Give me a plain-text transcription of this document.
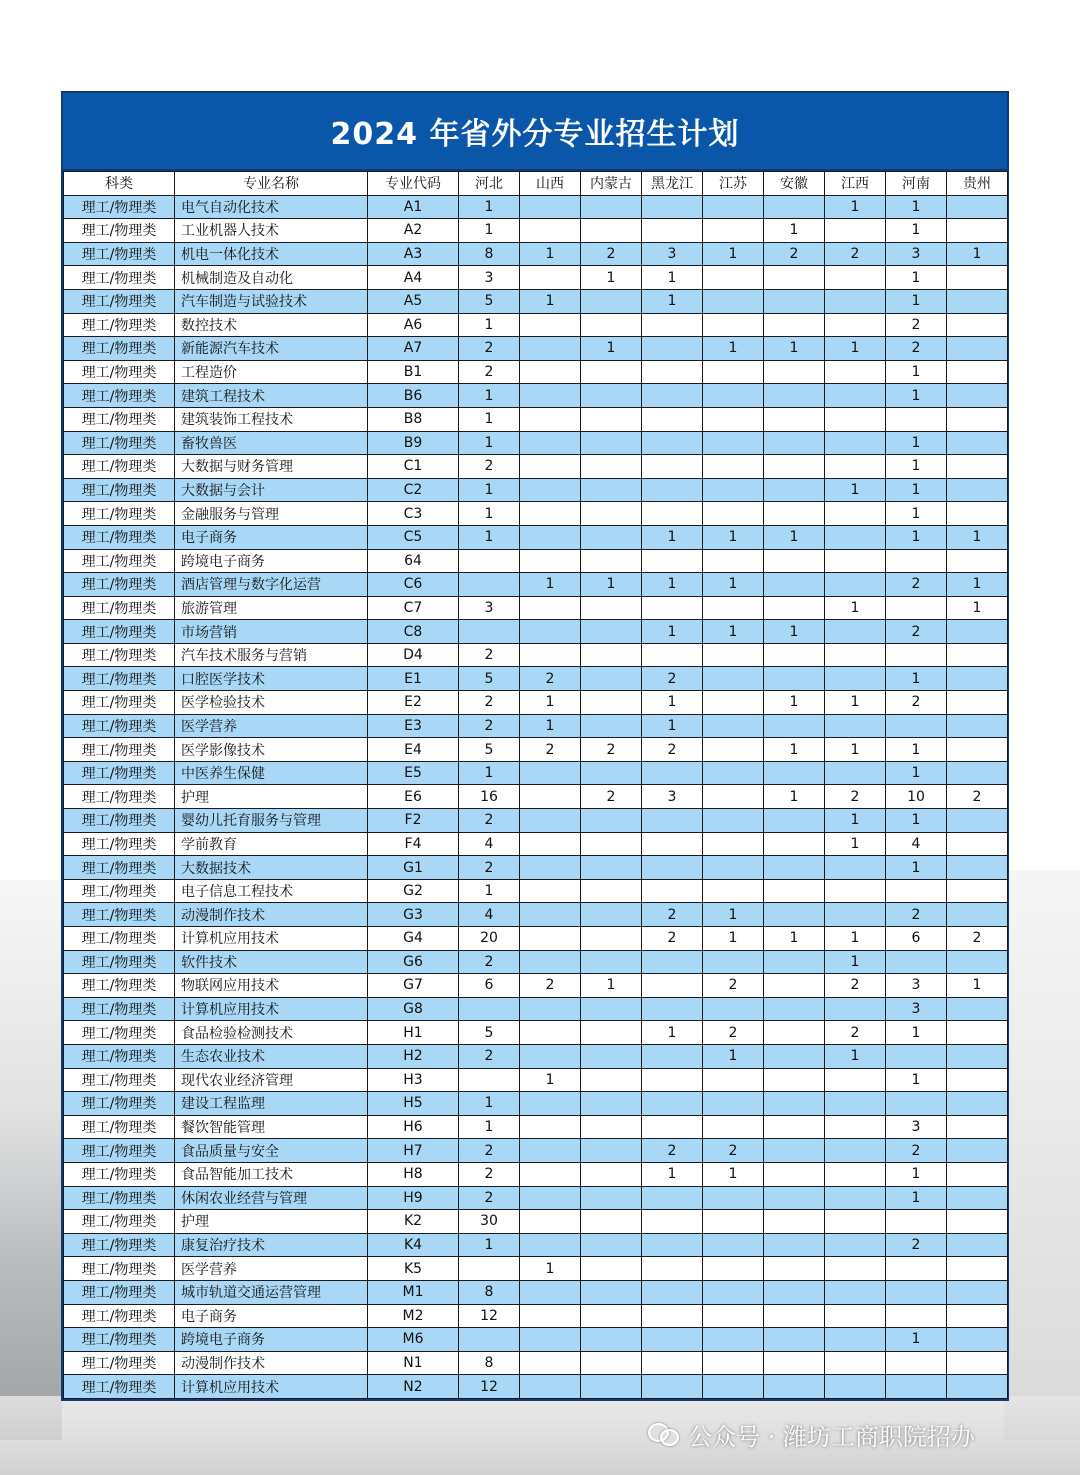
2024 年省外分专业招生计划
科类	专业名称	专业代码	河北	山西	内蒙古	黑龙江	江苏	安徽	江西	河南	贵州
理工/物理类	电气自动化技术	A1	1						1	1	
理工/物理类	工业机器人技术	A2	1					1		1	
理工/物理类	机电一体化技术	A3	8	1	2	3	1	2	2	3	1
理工/物理类	机械制造及自动化	A4	3		1	1				1	
理工/物理类	汽车制造与试验技术	A5	5	1		1				1	
理工/物理类	数控技术	A6	1							2	
理工/物理类	新能源汽车技术	A7	2		1		1	1	1	2	
理工/物理类	工程造价	B1	2							1	
理工/物理类	建筑工程技术	B6	1							1	
理工/物理类	建筑装饰工程技术	B8	1								
理工/物理类	畜牧兽医	B9	1							1	
理工/物理类	大数据与财务管理	C1	2							1	
理工/物理类	大数据与会计	C2	1						1	1	
理工/物理类	金融服务与管理	C3	1							1	
理工/物理类	电子商务	C5	1			1	1	1		1	1
理工/物理类	跨境电子商务	64									
理工/物理类	酒店管理与数字化运营	C6		1	1	1	1			2	1
理工/物理类	旅游管理	C7	3						1		1
理工/物理类	市场营销	C8				1	1	1		2	
理工/物理类	汽车技术服务与营销	D4	2								
理工/物理类	口腔医学技术	E1	5	2		2				1	
理工/物理类	医学检验技术	E2	2	1		1		1	1	2	
理工/物理类	医学营养	E3	2	1		1					
理工/物理类	医学影像技术	E4	5	2	2	2		1	1	1	
理工/物理类	中医养生保健	E5	1							1	
理工/物理类	护理	E6	16		2	3		1	2	10	2
理工/物理类	婴幼儿托育服务与管理	F2	2						1	1	
理工/物理类	学前教育	F4	4						1	4	
理工/物理类	大数据技术	G1	2							1	
理工/物理类	电子信息工程技术	G2	1								
理工/物理类	动漫制作技术	G3	4			2	1			2	
理工/物理类	计算机应用技术	G4	20			2	1	1	1	6	2
理工/物理类	软件技术	G6	2						1		
理工/物理类	物联网应用技术	G7	6	2	1		2		2	3	1
理工/物理类	计算机应用技术	G8								3	
理工/物理类	食品检验检测技术	H1	5			1	2		2	1	
理工/物理类	生态农业技术	H2	2				1		1		
理工/物理类	现代农业经济管理	H3		1						1	
理工/物理类	建设工程监理	H5	1								
理工/物理类	餐饮智能管理	H6	1							3	
理工/物理类	食品质量与安全	H7	2			2	2			2	
理工/物理类	食品智能加工技术	H8	2			1	1			1	
理工/物理类	休闲农业经营与管理	H9	2							1	
理工/物理类	护理	K2	30								
理工/物理类	康复治疗技术	K4	1							2	
理工/物理类	医学营养	K5		1							
理工/物理类	城市轨道交通运营管理	M1	8								
理工/物理类	电子商务	M2	12								
理工/物理类	跨境电子商务	M6								1	
理工/物理类	动漫制作技术	N1	8								
理工/物理类	计算机应用技术	N2	12								
公众号 · 潍坊工商职院招办
